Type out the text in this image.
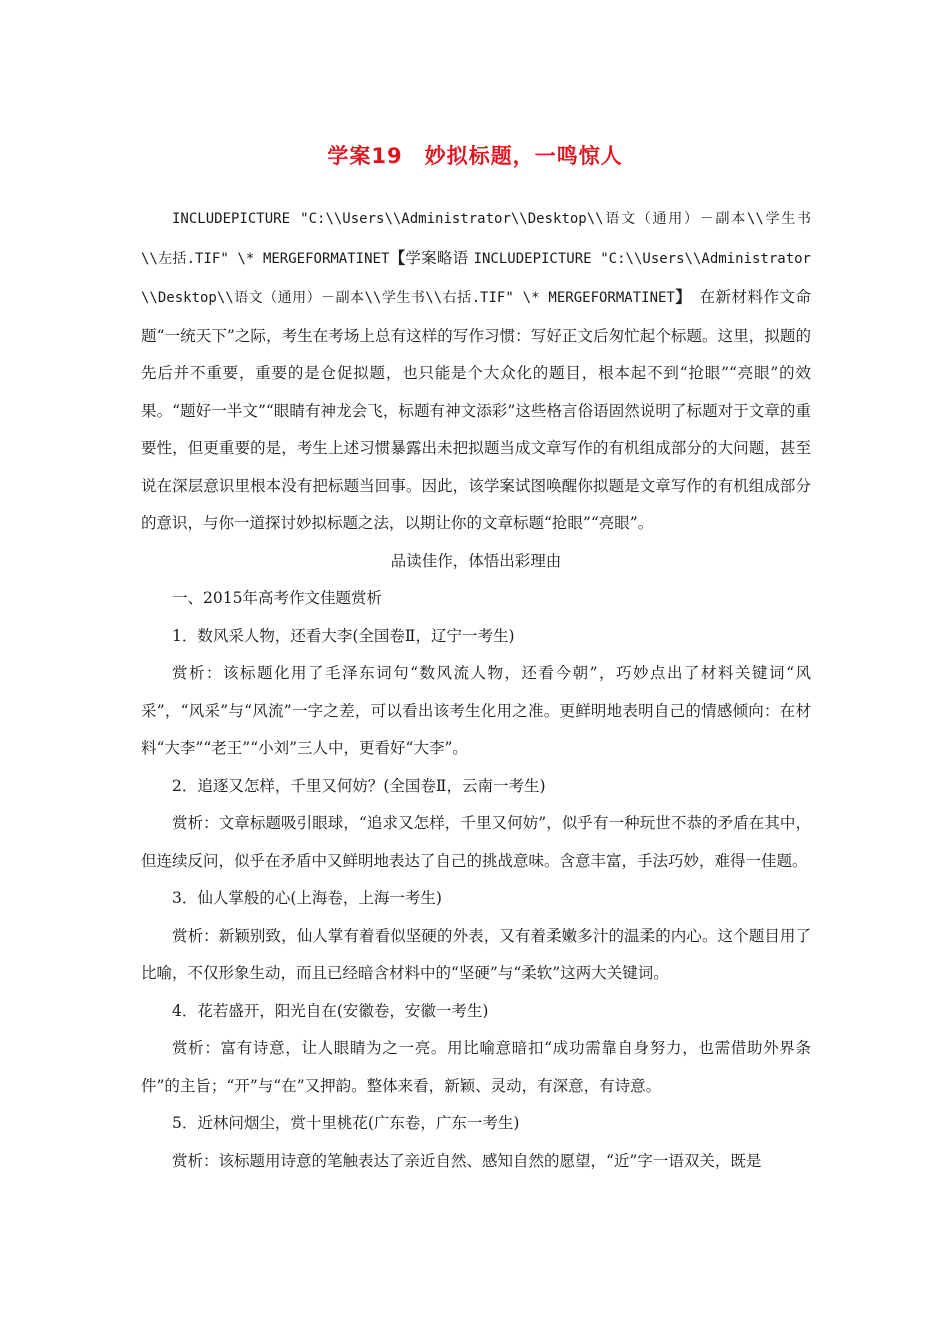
学案19　妙拟标题，一鸣惊人

INCLUDEPICTURE "C:\\Users\\Administrator\\Desktop\\语文（通用）－副本\\学生书\\左括.TIF" \* MERGEFORMATINET【学案略语 INCLUDEPICTURE "C:\\Users\\Administrator\\Desktop\\语文（通用）－副本\\学生书\\右括.TIF" \* MERGEFORMATINET】　 在新材料作文命题“一统天下”之际，考生在考场上总有这样的写作习惯：写好正文后匆忙起个标题。这里，拟题的先后并不重要，重要的是仓促拟题，也只能是个大众化的题目，根本起不到“抢眼”“亮眼”的效果。“题好一半文”“眼睛有神龙会飞，标题有神文添彩”这些格言俗语固然说明了标题对于文章的重要性，但更重要的是，考生上述习惯暴露出未把拟题当成文章写作的有机组成部分的大问题，甚至说在深层意识里根本没有把标题当回事。因此，该学案试图唤醒你拟题是文章写作的有机组成部分的意识，与你一道探讨妙拟标题之法，以期让你的文章标题“抢眼”“亮眼”。

品读佳作，体悟出彩理由

一、2015年高考作文佳题赏析

1．数风采人物，还看大李(全国卷Ⅱ，辽宁一考生)

赏析：该标题化用了毛泽东词句“数风流人物，还看今朝”，巧妙点出了材料关键词“风采”，“风采”与“风流”一字之差，可以看出该考生化用之准。更鲜明地表明自己的情感倾向：在材料“大李”“老王”“小刘”三人中，更看好“大李”。

2．追逐又怎样，千里又何妨？(全国卷Ⅱ，云南一考生)

赏析：文章标题吸引眼球，“追求又怎样，千里又何妨”，似乎有一种玩世不恭的矛盾在其中，但连续反问，似乎在矛盾中又鲜明地表达了自己的挑战意味。含意丰富，手法巧妙，难得一佳题。

3．仙人掌般的心(上海卷，上海一考生)

赏析：新颖别致，仙人掌有着看似坚硬的外表，又有着柔嫩多汁的温柔的内心。这个题目用了比喻，不仅形象生动，而且已经暗含材料中的“坚硬”与“柔软”这两大关键词。

4．花若盛开，阳光自在(安徽卷，安徽一考生)

赏析：富有诗意，让人眼睛为之一亮。用比喻意暗扣“成功需靠自身努力，也需借助外界条件”的主旨；“开”与“在”又押韵。整体来看，新颖、灵动，有深意，有诗意。

5．近林问烟尘，赏十里桃花(广东卷，广东一考生)

赏析：该标题用诗意的笔触表达了亲近自然、感知自然的愿望，“近”字一语双关，既是
